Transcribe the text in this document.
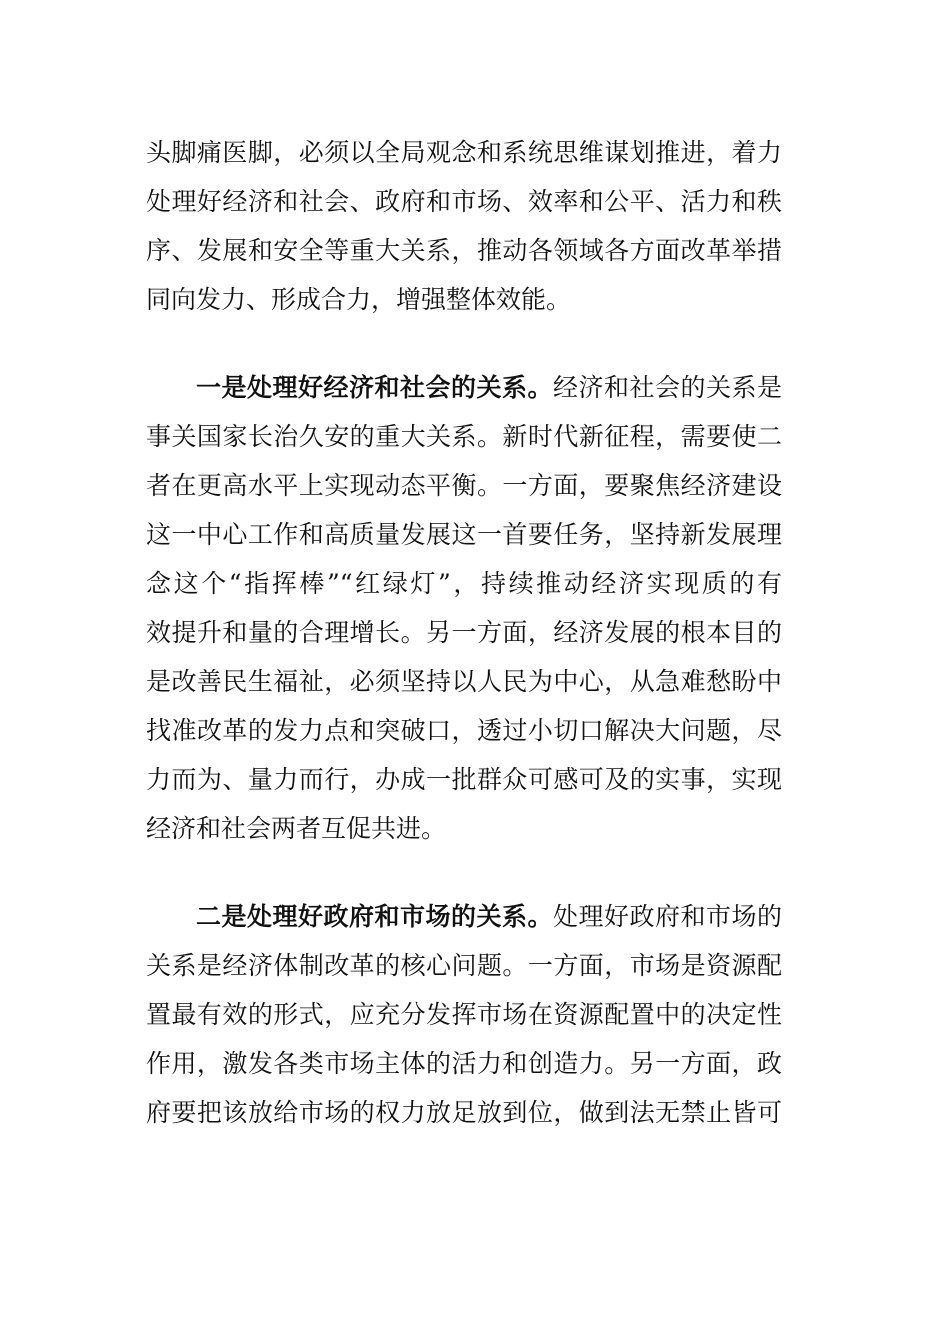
头脚痛医脚，必须以全局观念和系统思维谋划推进，着力
处理好经济和社会、政府和市场、效率和公平、活力和秩
序、发展和安全等重大关系，推动各领域各方面改革举措
同向发力、形成合力，增强整体效能。
一是处理好经济和社会的关系。经济和社会的关系是
事关国家长治久安的重大关系。新时代新征程，需要使二
者在更高水平上实现动态平衡。一方面，要聚焦经济建设
这一中心工作和高质量发展这一首要任务，坚持新发展理
念这个“指挥棒”“红绿灯”，持续推动经济实现质的有
效提升和量的合理增长。另一方面，经济发展的根本目的
是改善民生福祉，必须坚持以人民为中心，从急难愁盼中
找准改革的发力点和突破口，透过小切口解决大问题，尽
力而为、量力而行，办成一批群众可感可及的实事，实现
经济和社会两者互促共进。
二是处理好政府和市场的关系。处理好政府和市场的
关系是经济体制改革的核心问题。一方面，市场是资源配
置最有效的形式，应充分发挥市场在资源配置中的决定性
作用，激发各类市场主体的活力和创造力。另一方面，政
府要把该放给市场的权力放足放到位，做到法无禁止皆可
